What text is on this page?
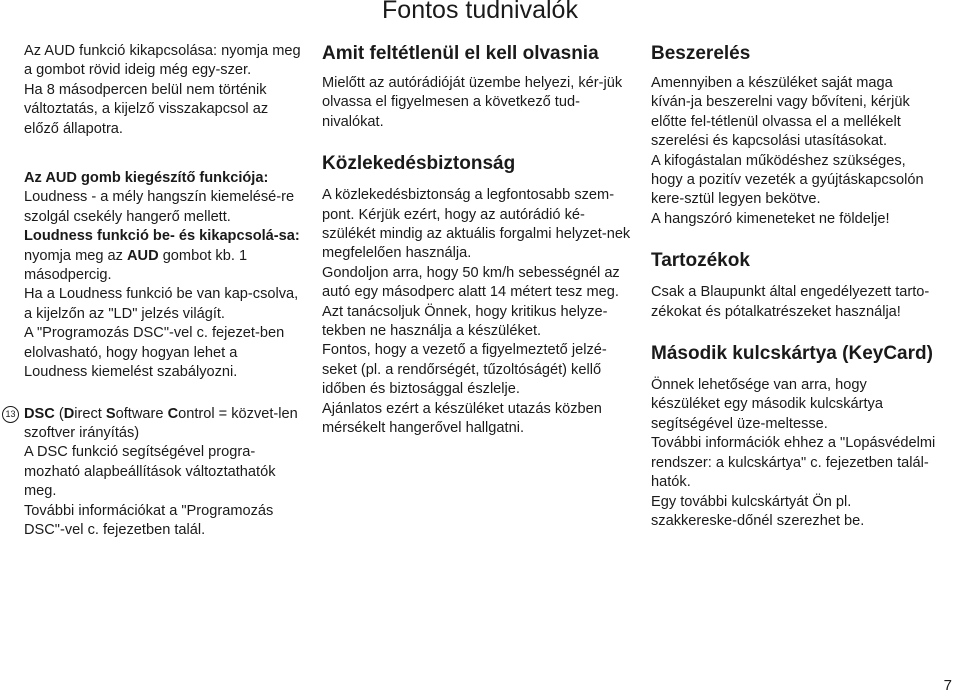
Fontos tudnivalók

Az AUD funkció kikapcsolása: nyomja meg a gombot rövid ideig még egy-szer.

Ha 8 másodpercen belül nem történik változtatás, a kijelző visszakapcsol az előző állapotra.

Az AUD gomb kiegészítő funkciója:

Loudness - a mély hangszín kiemelésé-re szolgál csekély hangerő mellett.

Loudness funkció be- és kikapcsolá-sa: nyomja meg az AUD gombot kb. 1 másodpercig.

Ha a Loudness funkció be van kap-csolva, a kijelzőn az "LD" jelzés világít.

A "Programozás DSC"-vel c. fejezet-ben elolvasható, hogy hogyan lehet a Loudness kiemelést szabályozni.

13 DSC (Direct Software Control = közvet-len szoftver irányítás)

A DSC funkció segítségével progra-mozható alapbeállítások változtathatók meg.

További információkat a "Programozás DSC"-vel c. fejezetben talál.

Amit feltétlenül el kell olvasnia

Mielőtt az autórádióját üzembe helyezi, kér-jük olvassa el figyelmesen a következő tud-nivalókat.

Közlekedésbiztonság

A közlekedésbiztonság a legfontosabb szem-pont. Kérjük ezért, hogy az autórádió ké-szülékét mindig az aktuális forgalmi helyzet-nek megfelelően használja.

Gondoljon arra, hogy 50 km/h sebességnél az autó egy másodperc alatt 14 métert tesz meg.

Azt tanácsoljuk Önnek, hogy kritikus helyze-tekben ne használja a készüléket.

Fontos, hogy a vezető a figyelmeztető jelzé-seket (pl. a rendőrségét, tűzoltóságét) kellő időben és biztosággal észlelje.

Ajánlatos ezért a készüléket utazás közben mérsékelt hangerővel hallgatni.

Beszerelés

Amennyiben a készüléket saját maga kíván-ja beszerelni vagy bővíteni, kérjük előtte fel-tétlenül olvassa el a mellékelt szerelési és kapcsolási utasításokat.

A kifogástalan működéshez szükséges, hogy a pozitív vezeték a gyújtáskapcsolón kere-sztül legyen bekötve.

A hangszóró kimeneteket ne földelje!

Tartozékok

Csak a Blaupunkt által engedélyezett tarto-zékokat és pótalkatrészeket használja!

Második kulcskártya (KeyCard)

Önnek lehetősége van arra, hogy készüléket egy második kulcskártya segítségével üze-meltesse.

További információk ehhez a "Lopásvédelmi rendszer: a kulcskártya" c. fejezetben talál-hatók.

Egy további kulcskártyát Ön pl. szakkereske-dőnél szerezhet be.

7
